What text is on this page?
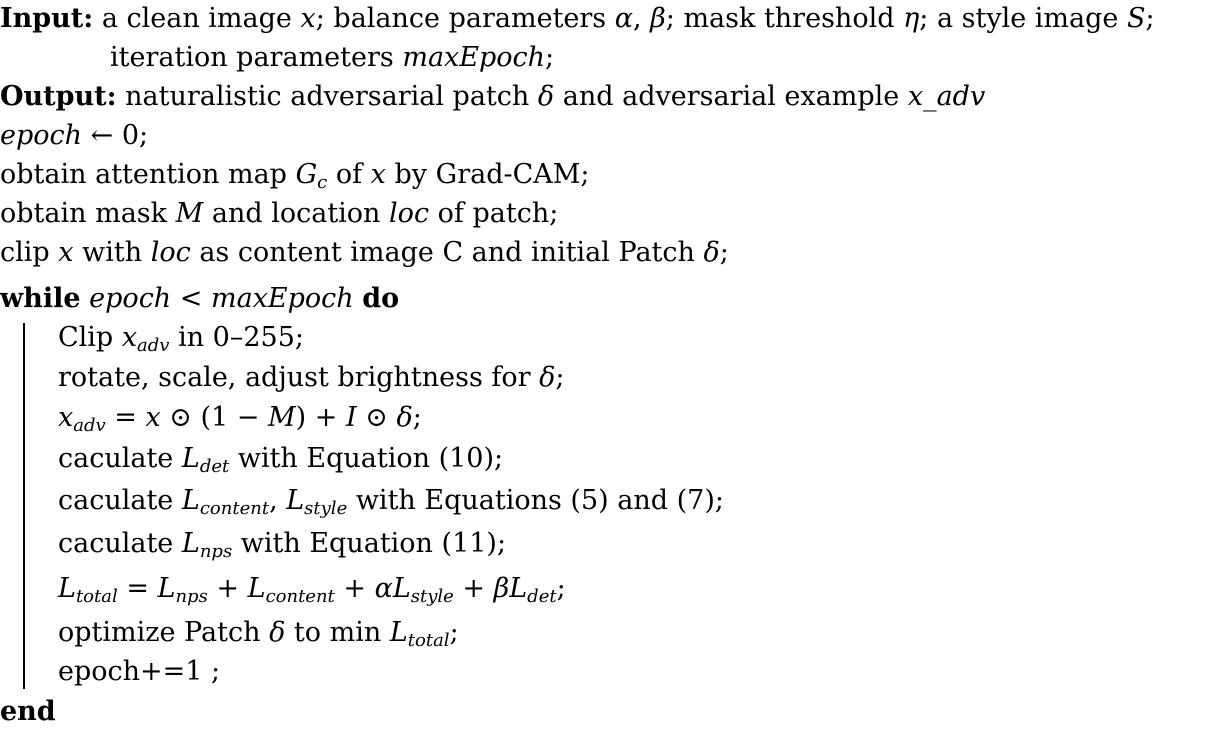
Input: a clean image x; balance parameters α, β; mask threshold η; a style image S;
iteration parameters maxEpoch;
Output: naturalistic adversarial patch δ and adversarial example x_adv
epoch ← 0;
obtain attention map $G_c$ of x by Grad-CAM;
obtain mask M and location loc of patch;
clip x with loc as content image C and initial Patch δ;
while epoch < maxEpoch do
Clip $x_{adv}$ in 0–255;
rotate, scale, adjust brightness for δ;
$x_{adv} = x$ ⊙ (1 − M) + I ⊙ δ;
caculate $L_{det}$ with Equation (10);
caculate $L_{content}$, $L_{style}$ with Equations (5) and (7);
caculate $L_{nps}$ with Equation (11);
$L_{total} = L_{nps} + L_{content} + \alpha L_{style} + \beta L_{det}$;
optimize Patch δ to $\min L_{total}$;
epoch+=1 ;
end
